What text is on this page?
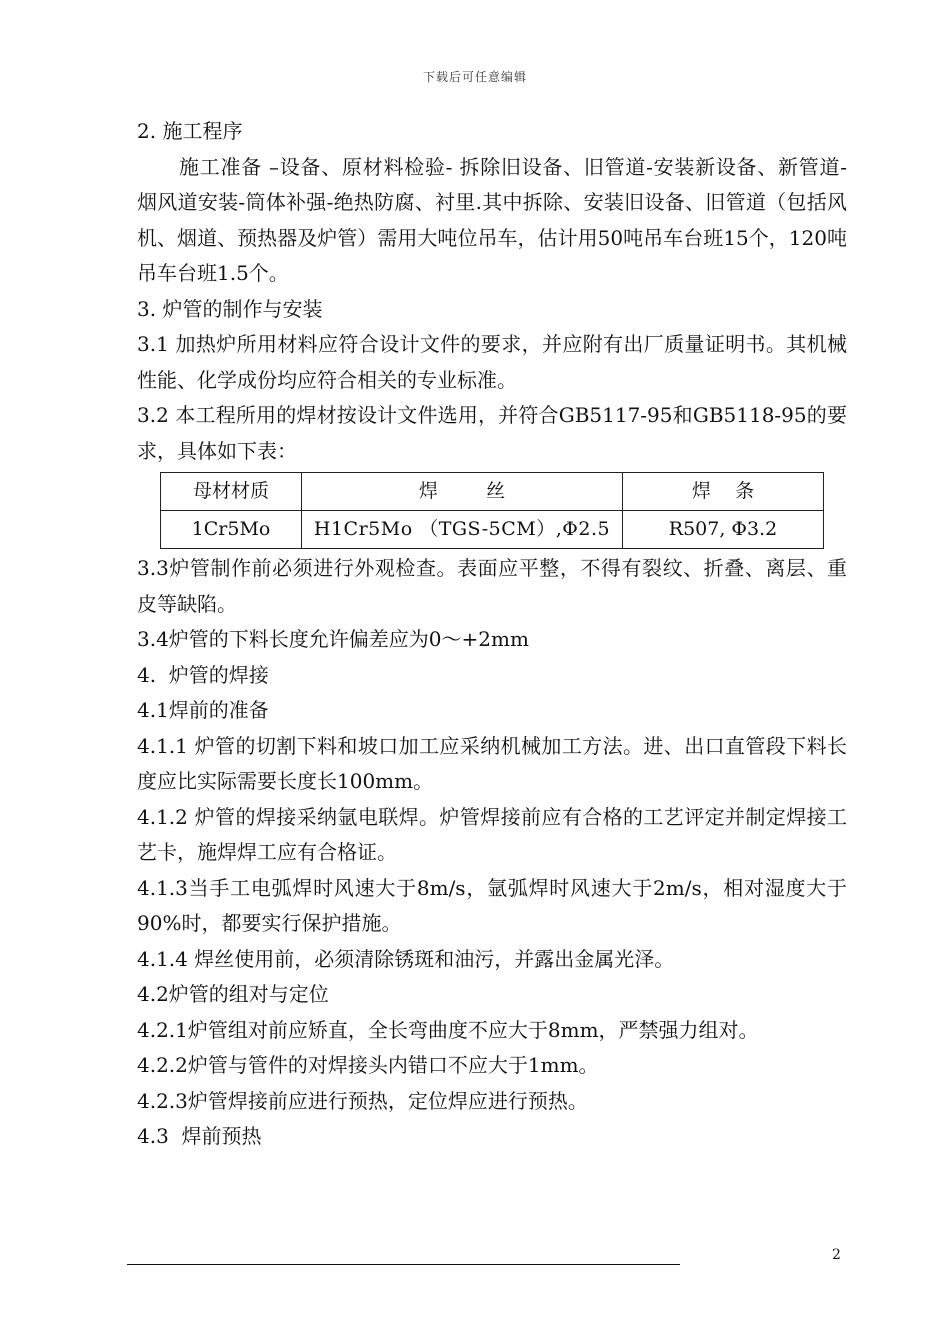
下载后可任意编辑

2. 施工程序

施工准备 –设备、原材料检验- 拆除旧设备、旧管道-安装新设备、新管道- 烟风道安装-筒体补强-绝热防腐、衬里.其中拆除、安装旧设备、旧管道（包括风机、烟道、预热器及炉管）需用大吨位吊车，估计用50吨吊车台班15个，120吨吊车台班1.5个。

3. 炉管的制作与安装

3.1 加热炉所用材料应符合设计文件的要求，并应附有出厂质量证明书。其机械性能、化学成份均应符合相关的专业标准。

3.2 本工程所用的焊材按设计文件选用，并符合GB5117-95和GB5118-95的要求，具体如下表：

母材材质	焊        丝	焊    条
1Cr5Mo	H1Cr5Mo （TGS-5CM）,Φ2.5	R507, Φ3.2

3.3炉管制作前必须进行外观检查。表面应平整，不得有裂纹、折叠、离层、重皮等缺陷。

3.4炉管的下料长度允许偏差应为0～+2mm

4.  炉管的焊接

4.1焊前的准备

4.1.1 炉管的切割下料和坡口加工应采纳机械加工方法。进、出口直管段下料长度应比实际需要长度长100mm。

4.1.2 炉管的焊接采纳氩电联焊。炉管焊接前应有合格的工艺评定并制定焊接工艺卡，施焊焊工应有合格证。

4.1.3当手工电弧焊时风速大于8m/s，氩弧焊时风速大于2m/s，相对湿度大于90%时，都要实行保护措施。

4.1.4 焊丝使用前，必须清除锈斑和油污，并露出金属光泽。

4.2炉管的组对与定位

4.2.1炉管组对前应矫直，全长弯曲度不应大于8mm，严禁强力组对。

4.2.2炉管与管件的对焊接头内错口不应大于1mm。

4.2.3炉管焊接前应进行预热，定位焊应进行预热。

4.3  焊前预热

2
